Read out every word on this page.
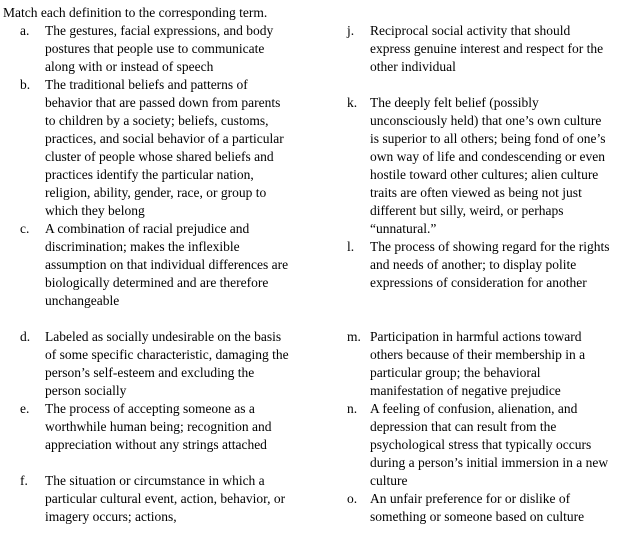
Match each definition to the corresponding term.
a.	The gestures, facial expressions, and body postures that people use to communicate along with or instead of speech
b.	The traditional beliefs and patterns of behavior that are passed down from parents to children by a society; beliefs, customs, practices, and social behavior of a particular cluster of people whose shared beliefs and practices identify the particular nation, religion, ability, gender, race, or group to which they belong
c.	A combination of racial prejudice and discrimination; makes the inflexible assumption on that individual differences are biologically determined and are therefore unchangeable
d.	Labeled as socially undesirable on the basis of some specific characteristic, damaging the person’s self-esteem and excluding the person socially
e.	The process of accepting someone as a worthwhile human being; recognition and appreciation without any strings attached
f.	The situation or circumstance in which a particular cultural event, action, behavior, or imagery occurs; actions,
j.	Reciprocal social activity that should express genuine interest and respect for the other individual
k. The deeply felt belief (possibly unconsciously held) that one’s own culture is superior to all others; being fond of one’s own way of life and condescending or even hostile toward other cultures; alien culture traits are often viewed as being not just different but silly, weird, or perhaps “unnatural.”
l.	The process of showing regard for the rights and needs of another; to display polite expressions of consideration for another
m. Participation in harmful actions toward others because of their membership in a particular group; the behavioral manifestation of negative prejudice
n. A feeling of confusion, alienation, and depression that can result from the psychological stress that typically occurs during a person’s initial immersion in a new culture
o. An unfair preference for or dislike of something or someone based on culture
